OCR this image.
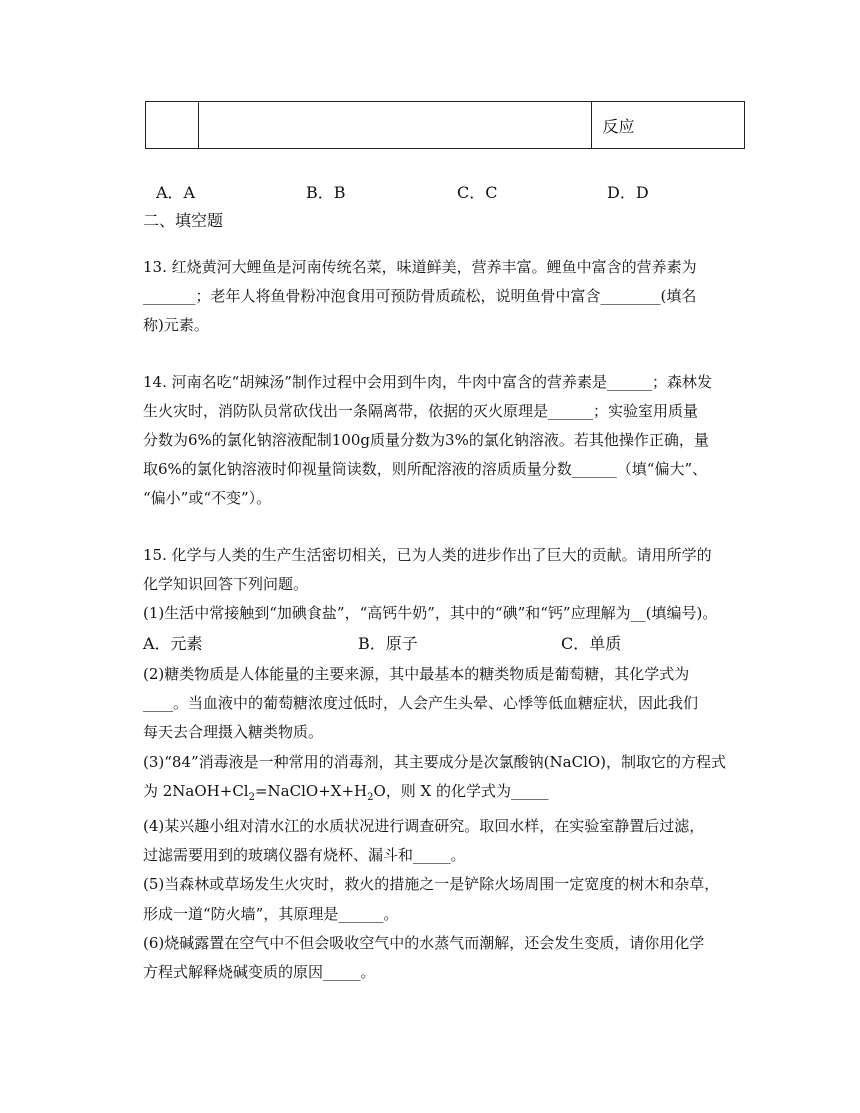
		反应
A．A	B．B	C．C	D．D
二、填空题

13. 红烧黄河大鲤鱼是河南传统名菜，味道鲜美，营养丰富。鲤鱼中富含的营养素为
_______；老年人将鱼骨粉冲泡食用可预防骨质疏松，说明鱼骨中富含________(填名
称)元素。

14. 河南名吃“胡辣汤”制作过程中会用到牛肉，牛肉中富含的营养素是______；森林发
生火灾时，消防队员常砍伐出一条隔离带，依据的灭火原理是______；实验室用质量
分数为6%的氯化钠溶液配制100g质量分数为3%的氯化钠溶液。若其他操作正确，量
取6%的氯化钠溶液时仰视量筒读数，则所配溶液的溶质质量分数______（填“偏大”、
“偏小”或“不变”）。

15. 化学与人类的生产生活密切相关，已为人类的进步作出了巨大的贡献。请用所学的
化学知识回答下列问题。
(1)生活中常接触到“加碘食盐”，“高钙牛奶”，其中的“碘”和“钙”应理解为__(填编号)。

A．元素	B．原子	C．单质

(2)糖类物质是人体能量的主要来源，其中最基本的糖类物质是葡萄糖，其化学式为
____。当血液中的葡萄糖浓度过低时，人会产生头晕、心悸等低血糖症状，因此我们
每天去合理摄入糖类物质。
(3)“84”消毒液是一种常用的消毒剂，其主要成分是次氯酸钠(NaClO)，制取它的方程式
为 $2NaOH+Cl_2=NaClO+X+H_2O$，则 X 的化学式为_____
(4)某兴趣小组对清水江的水质状况进行调查研究。取回水样，在实验室静置后过滤，
过滤需要用到的玻璃仪器有烧杯、漏斗和_____。
(5)当森林或草场发生火灾时，救火的措施之一是铲除火场周围一定宽度的树木和杂草，
形成一道“防火墙”，其原理是______。
(6)烧碱露置在空气中不但会吸收空气中的水蒸气而潮解，还会发生变质，请你用化学
方程式解释烧碱变质的原因_____。
